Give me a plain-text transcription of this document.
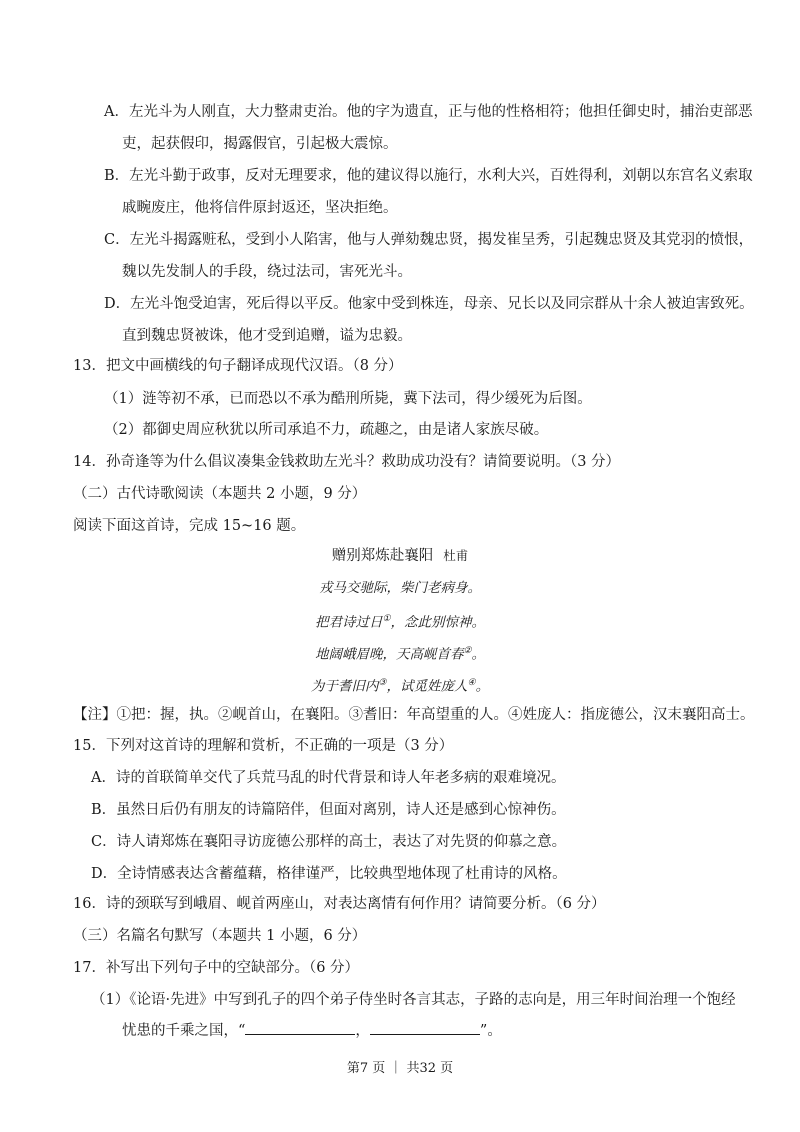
A．左光斗为人刚直，大力整肃吏治。他的字为遗直，正与他的性格相符；他担任御史时，捕治吏部恶
吏，起获假印，揭露假官，引起极大震惊。
B．左光斗勤于政事，反对无理要求，他的建议得以施行，水利大兴，百姓得利，刘朝以东宫名义索取
戚畹废庄，他将信件原封返还，坚决拒绝。
C．左光斗揭露赃私，受到小人陷害，他与人弹劾魏忠贤，揭发崔呈秀，引起魏忠贤及其党羽的愤恨，
魏以先发制人的手段，绕过法司，害死光斗。
D．左光斗饱受迫害，死后得以平反。他家中受到株连，母亲、兄长以及同宗群从十余人被迫害致死。
直到魏忠贤被诛，他才受到追赠，谥为忠毅。
13．把文中画横线的句子翻译成现代汉语。（8 分）
（1）涟等初不承，已而恐以不承为酷刑所毙，冀下法司，得少缓死为后图。
（2）都御史周应秋犹以所司承追不力，疏趣之，由是诸人家族尽破。
14．孙奇逢等为什么倡议凑集金钱救助左光斗？救助成功没有？请简要说明。（3 分）
（二）古代诗歌阅读（本题共 2 小题，9 分）
阅读下面这首诗，完成 15~16 题。
赠别郑炼赴襄阳 杜甫
戎马交驰际，柴门老病身。
把君诗过日①，念此别惊神。
地阔峨眉晚，天高岘首春②。
为于耆旧内③，试觅姓庞人④。
【注】①把：握，执。②岘首山，在襄阳。③耆旧：年高望重的人。④姓庞人：指庞德公，汉末襄阳高士。
15．下列对这首诗的理解和赏析，不正确的一项是（3 分）
A．诗的首联简单交代了兵荒马乱的时代背景和诗人年老多病的艰难境况。
B．虽然日后仍有朋友的诗篇陪伴，但面对离别，诗人还是感到心惊神伤。
C．诗人请郑炼在襄阳寻访庞德公那样的高士，表达了对先贤的仰慕之意。
D．全诗情感表达含蓄蕴藉，格律谨严，比较典型地体现了杜甫诗的风格。
16．诗的颈联写到峨眉、岘首两座山，对表达离情有何作用？请简要分析。（6 分）
（三）名篇名句默写（本题共 1 小题，6 分）
17．补写出下列句子中的空缺部分。（6 分）
（1）《论语·先进》中写到孔子的四个弟子侍坐时各言其志，子路的志向是，用三年时间治理一个饱经
忧患的千乘之国，“	，	”。
第7 页 ｜ 共32 页
